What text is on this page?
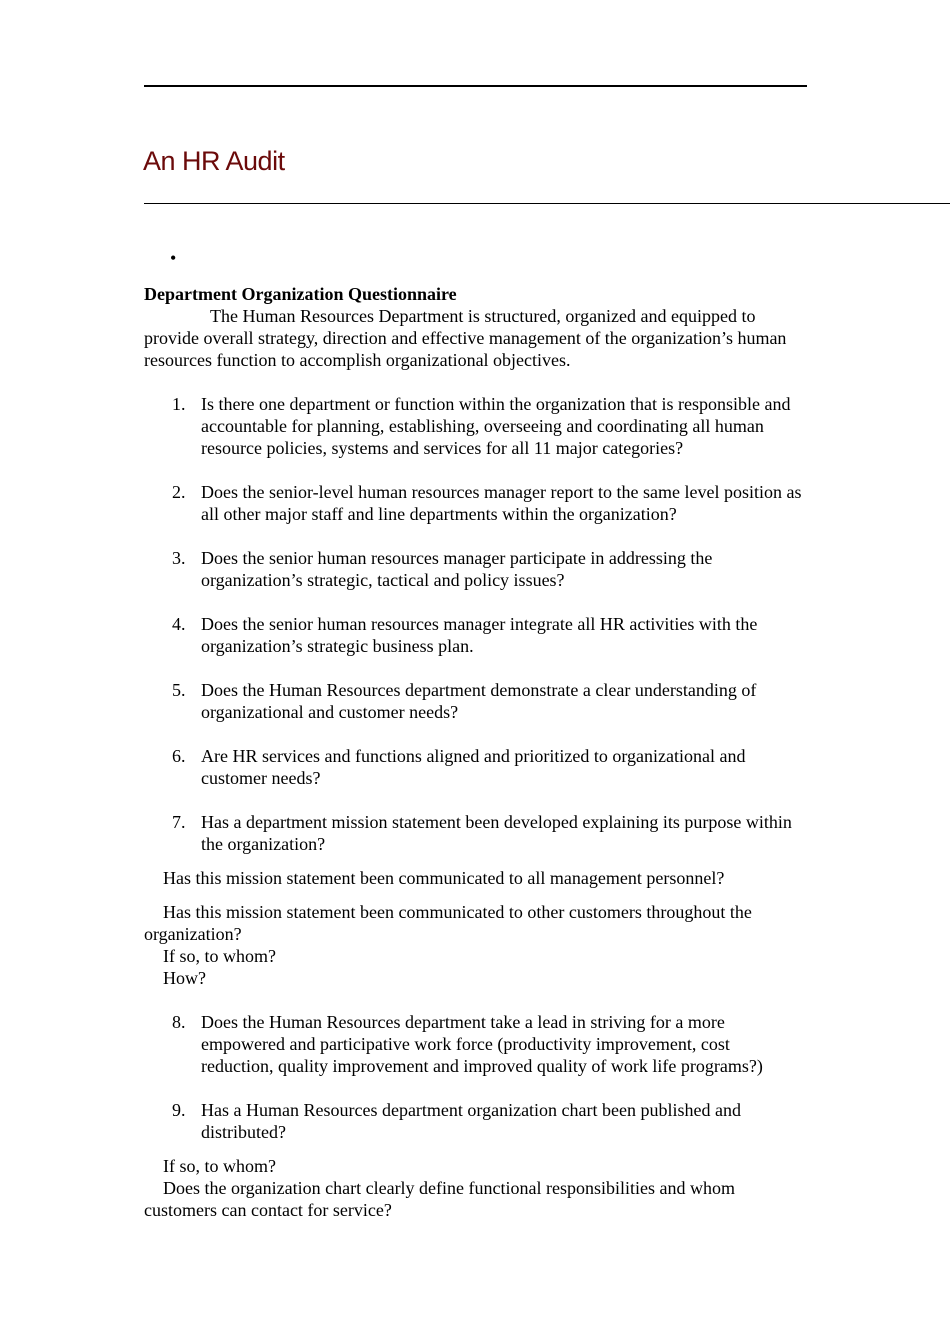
An HR Audit
•

Department Organization Questionnaire

The Human Resources Department is structured, organized and equipped to provide overall strategy, direction and effective management of the organization’s human resources function to accomplish organizational objectives.

1. Is there one department or function within the organization that is responsible and accountable for planning, establishing, overseeing and coordinating all human resource policies, systems and services for all 11 major categories?
2. Does the senior-level human resources manager report to the same level position as all other major staff and line departments within the organization?
3. Does the senior human resources manager participate in addressing the organization’s strategic, tactical and policy issues?
4. Does the senior human resources manager integrate all HR activities with the organization’s strategic business plan.
5. Does the Human Resources department demonstrate a clear understanding of organizational and customer needs?
6. Are HR services and functions aligned and prioritized to organizational and customer needs?
7. Has a department mission statement been developed explaining its purpose within the organization?

Has this mission statement been communicated to all management personnel?

Has this mission statement been communicated to other customers throughout the organization?

If so, to whom?

How?

8. Does the Human Resources department take a lead in striving for a more empowered and participative work force (productivity improvement, cost reduction, quality improvement and improved quality of work life programs?)
9. Has a Human Resources department organization chart been published and distributed?

If so, to whom?

Does the organization chart clearly define functional responsibilities and whom customers can contact for service?
